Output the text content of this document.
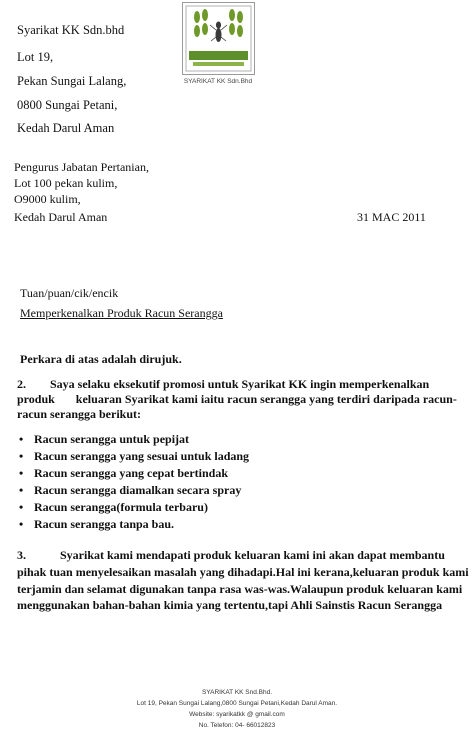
SYARIKAT KK Sdn.Bhd
Syarikat KK Sdn.bhd
Lot 19,
Pekan Sungai Lalang,
0800 Sungai Petani,
Kedah Darul Aman
Pengurus Jabatan Pertanian,
Lot 100 pekan kulim,
O9000 kulim,
Kedah Darul Aman	31 MAC 2011
Tuan/puan/cik/encik
Memperkenalkan Produk Racun Serangga
Perkara di atas adalah dirujuk.
2. Saya selaku eksekutif promosi untuk Syarikat KK ingin memperkenalkan
produk       keluaran Syarikat kami iaitu racun serangga yang terdiri daripada racun-
racun serangga berikut:
• Racun serangga untuk pepijat
• Racun serangga yang sesuai untuk ladang
• Racun serangga yang cepat bertindak
• Racun serangga diamalkan secara spray
• Racun serangga(formula terbaru)
• Racun serangga tanpa bau.
3.	Syarikat kami mendapati produk keluaran kami ini akan dapat membantu
pihak tuan menyelesaikan masalah yang dihadapi.Hal ini kerana,keluaran produk kami
terjamin dan selamat digunakan tanpa rasa was-was.Walaupun produk keluaran kami
menggunakan bahan-bahan kimia yang tertentu,tapi Ahli Sainstis Racun Serangga
SYARIKAT KK Snd.Bhd.
Lot 19, Pekan Sungai Lalang,0800 Sungai Petani,Kedah Darul Aman.
Website: syarikatkk @ gmail.com
No. Telefon: 04- 66012823
